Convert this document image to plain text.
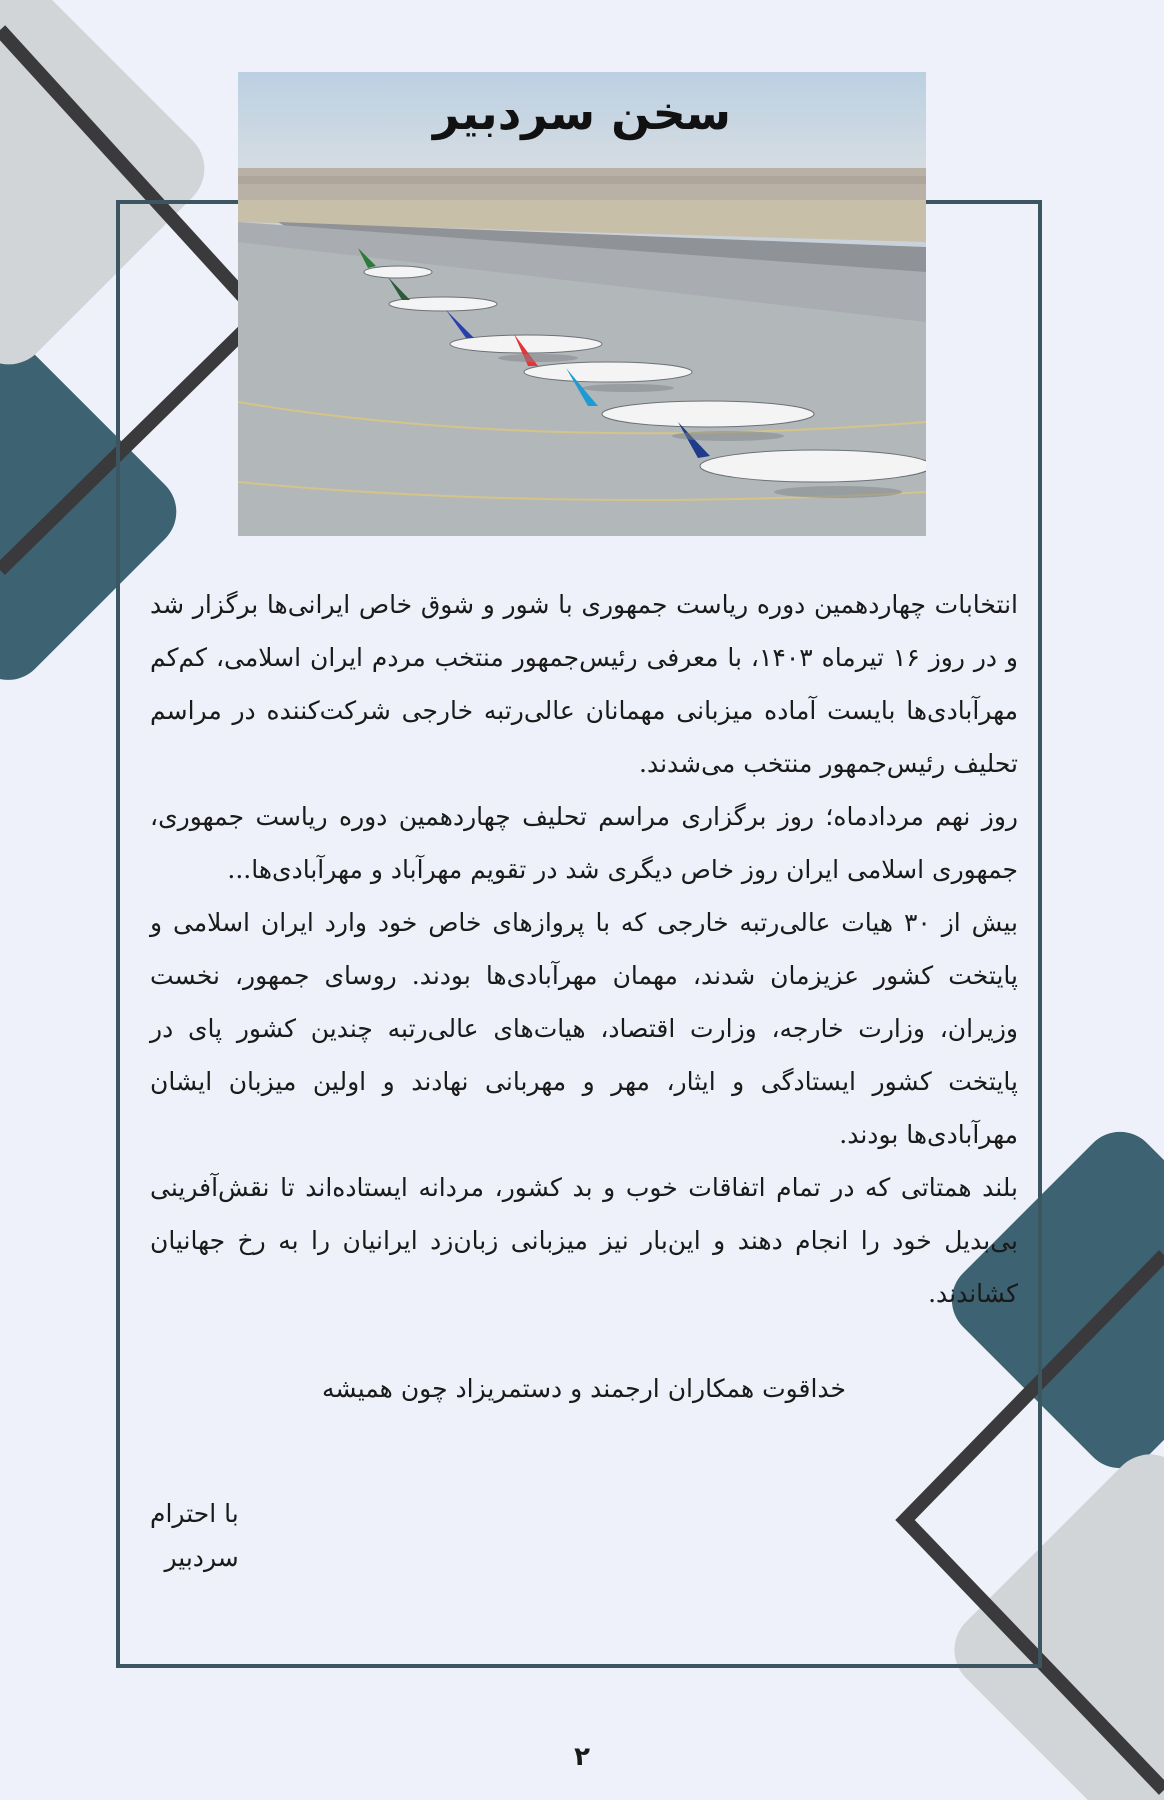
سخن سردبیر

انتخابات چهاردهمین دوره ریاست جمهوری با شور و شوق خاص ایرانی‌ها برگزار شد و در روز ۱۶ تیرماه ۱۴۰۳، با معرفی رئیس‌جمهور منتخب مردم ایران اسلامی، کم‌کم مهرآبادی‌ها بایست آماده میزبانی مهمانان عالی‌رتبه خارجی شرکت‌کننده در مراسم تحلیف رئیس‌جمهور منتخب می‌شدند.

روز نهم مردادماه؛ روز برگزاری مراسم تحلیف چهاردهمین دوره ریاست جمهوری، جمهوری اسلامی ایران روز خاص دیگری شد در تقویم مهرآباد و مهرآبادی‌ها...

بیش از ۳۰ هیات عالی‌رتبه خارجی که با پروازهای خاص خود وارد ایران اسلامی و پایتخت کشور عزیزمان شدند، مهمان مهرآبادی‌ها بودند. روسای جمهور، نخست وزیران، وزارت خارجه، وزارت اقتصاد، هیات‌های عالی‌رتبه چندین کشور پای در پایتخت کشور ایستادگی و ایثار، مهر و مهربانی نهادند و اولین میزبان ایشان مهرآبادی‌ها بودند.

بلند همتاتی که در تمام اتفاقات خوب و بد کشور، مردانه ایستاده‌اند تا نقش‌آفرینی بی‌بدیل خود را انجام دهند و این‌بار نیز میزبانی زبان‌زد ایرانیان را به رخ جهانیان کشاندند.

خداقوت همکاران ارجمند و دستمریزاد چون همیشه
با احترام
سردبیر
۲
